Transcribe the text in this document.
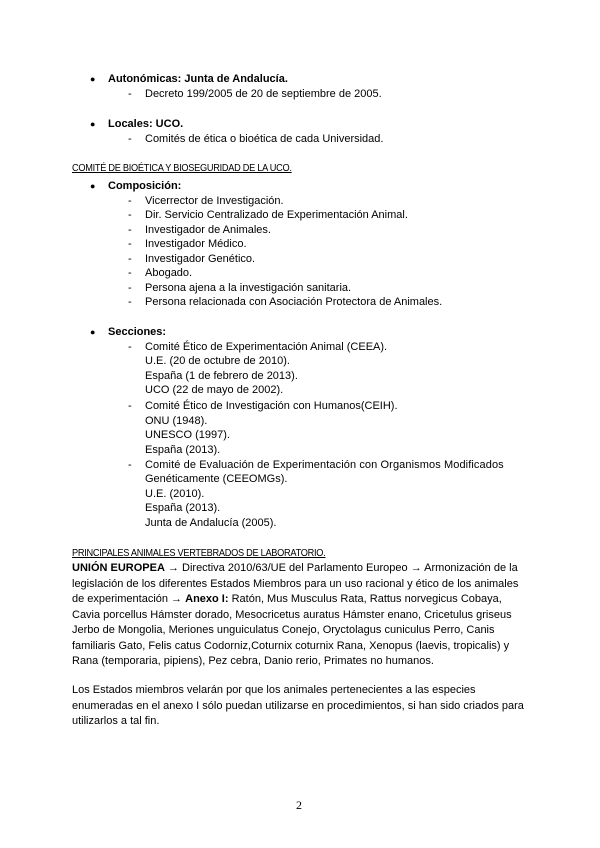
● Autonómicas: Junta de Andalucía.
- Decreto 199/2005 de 20 de septiembre de 2005.
● Locales: UCO.
- Comités de ética o bioética de cada Universidad.
COMITÉ DE BIOÉTICA Y BIOSEGURIDAD DE LA UCO.
● Composición:
- Vicerrector de Investigación.
- Dir. Servicio Centralizado de Experimentación Animal.
- Investigador de Animales.
- Investigador Médico.
- Investigador Genético.
- Abogado.
- Persona ajena a la investigación sanitaria.
- Persona relacionada con Asociación Protectora de Animales.
● Secciones:
- Comité Ético de Experimentación Animal (CEEA).
U.E. (20 de octubre de 2010).
España (1 de febrero de 2013).
UCO (22 de mayo de 2002).
- Comité Ético de Investigación con Humanos(CEIH).
ONU (1948).
UNESCO (1997).
España (2013).
- Comité de Evaluación de Experimentación con Organismos Modificados
Genéticamente (CEEOMGs).
U.E. (2010).
España (2013).
Junta de Andalucía (2005).
PRINCIPALES ANIMALES VERTEBRADOS DE LABORATORIO.
UNIÓN EUROPEA → Directiva 2010/63/UE del Parlamento Europeo → Armonización de la legislación de los diferentes Estados Miembros para un uso racional y ético de los animales de experimentación → Anexo I: Ratón, Mus Musculus Rata, Rattus norvegicus Cobaya, Cavia porcellus Hámster dorado, Mesocricetus auratus Hámster enano, Cricetulus griseus Jerbo de Mongolia, Meriones unguiculatus Conejo, Oryctolagus cuniculus Perro, Canis familiaris Gato, Felis catus Codorniz,Coturnix coturnix Rana, Xenopus (laevis, tropicalis) y Rana (temporaria, pipiens), Pez cebra, Danio rerio, Primates no humanos.
Los Estados miembros velarán por que los animales pertenecientes a las especies enumeradas en el anexo I sólo puedan utilizarse en procedimientos, si han sido criados para utilizarlos a tal fin.
2
